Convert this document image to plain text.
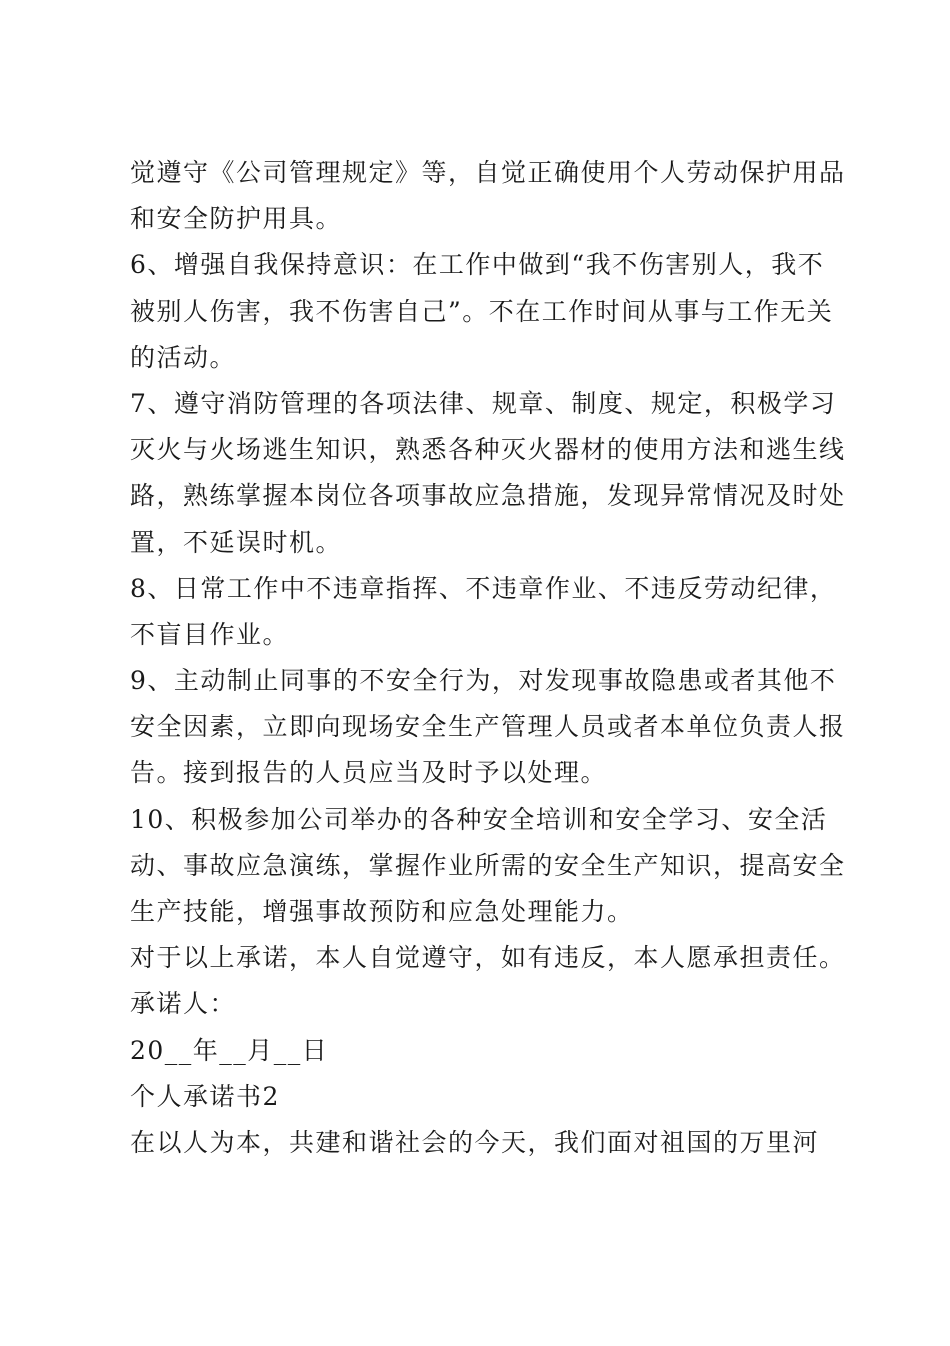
觉遵守《公司管理规定》等，自觉正确使用个人劳动保护用品
和安全防护用具。
6、增强自我保持意识：在工作中做到“我不伤害别人，我不
被别人伤害，我不伤害自己”。不在工作时间从事与工作无关
的活动。
7、遵守消防管理的各项法律、规章、制度、规定，积极学习
灭火与火场逃生知识，熟悉各种灭火器材的使用方法和逃生线
路，熟练掌握本岗位各项事故应急措施，发现异常情况及时处
置，不延误时机。
8、日常工作中不违章指挥、不违章作业、不违反劳动纪律，
不盲目作业。
9、主动制止同事的不安全行为，对发现事故隐患或者其他不
安全因素，立即向现场安全生产管理人员或者本单位负责人报
告。接到报告的人员应当及时予以处理。
10、积极参加公司举办的各种安全培训和安全学习、安全活
动、事故应急演练，掌握作业所需的安全生产知识，提高安全
生产技能，增强事故预防和应急处理能力。
对于以上承诺，本人自觉遵守，如有违反，本人愿承担责任。
承诺人：
20__年__月__日
个人承诺书2
在以人为本，共建和谐社会的今天，我们面对祖国的万里河
